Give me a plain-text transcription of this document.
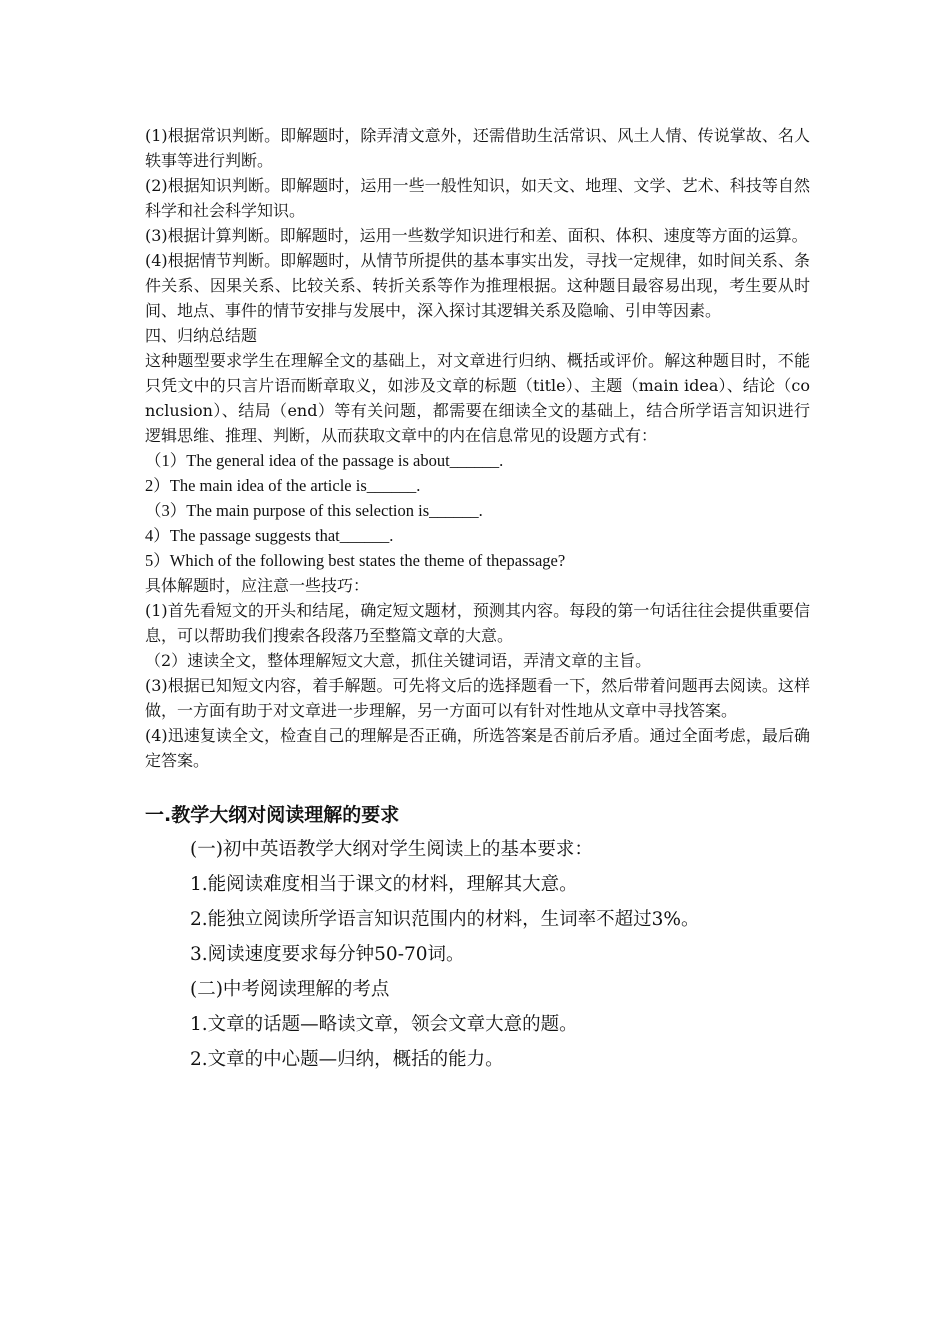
(1)根据常识判断。即解题时，除弄清文意外，还需借助生活常识、风土人情、传说掌故、名人轶事等进行判断。

(2)根据知识判断。即解题时，运用一些一般性知识，如天文、地理、文学、艺术、科技等自然科学和社会科学知识。

(3)根据计算判断。即解题时，运用一些数学知识进行和差、面积、体积、速度等方面的运算。

(4)根据情节判断。即解题时，从情节所提供的基本事实出发，寻找一定规律，如时间关系、条件关系、因果关系、比较关系、转折关系等作为推理根据。这种题目最容易出现，考生要从时间、地点、事件的情节安排与发展中，深入探讨其逻辑关系及隐喻、引申等因素。

四、归纳总结题

这种题型要求学生在理解全文的基础上，对文章进行归纳、概括或评价。解这种题目时，不能只凭文中的只言片语而断章取义，如涉及文章的标题（title）、主题（main idea）、结论（conclusion）、结局（end）等有关问题，都需要在细读全文的基础上，结合所学语言知识进行逻辑思维、推理、判断，从而获取文章中的内在信息常见的设题方式有：

（1）The general idea of the passage is about______.

2）The main idea of the article is______.

（3）The main purpose of this selection is______.

4）The passage suggests that______.

5）Which of the following best states the theme of thepassage?

具体解题时，应注意一些技巧：

(1)首先看短文的开头和结尾，确定短文题材，预测其内容。每段的第一句话往往会提供重要信息，可以帮助我们搜索各段落乃至整篇文章的大意。

（2）速读全文，整体理解短文大意，抓住关键词语，弄清文章的主旨。

(3)根据已知短文内容，着手解题。可先将文后的选择题看一下，然后带着问题再去阅读。这样做，一方面有助于对文章进一步理解，另一方面可以有针对性地从文章中寻找答案。

(4)迅速复读全文，检查自己的理解是否正确，所选答案是否前后矛盾。通过全面考虑，最后确定答案。

一.教学大纲对阅读理解的要求

(一)初中英语教学大纲对学生阅读上的基本要求：

1.能阅读难度相当于课文的材料，理解其大意。

2.能独立阅读所学语言知识范围内的材料，生词率不超过3%。

3.阅读速度要求每分钟50-70词。

(二)中考阅读理解的考点

1.文章的话题—略读文章，领会文章大意的题。

2.文章的中心题—归纳，概括的能力。
